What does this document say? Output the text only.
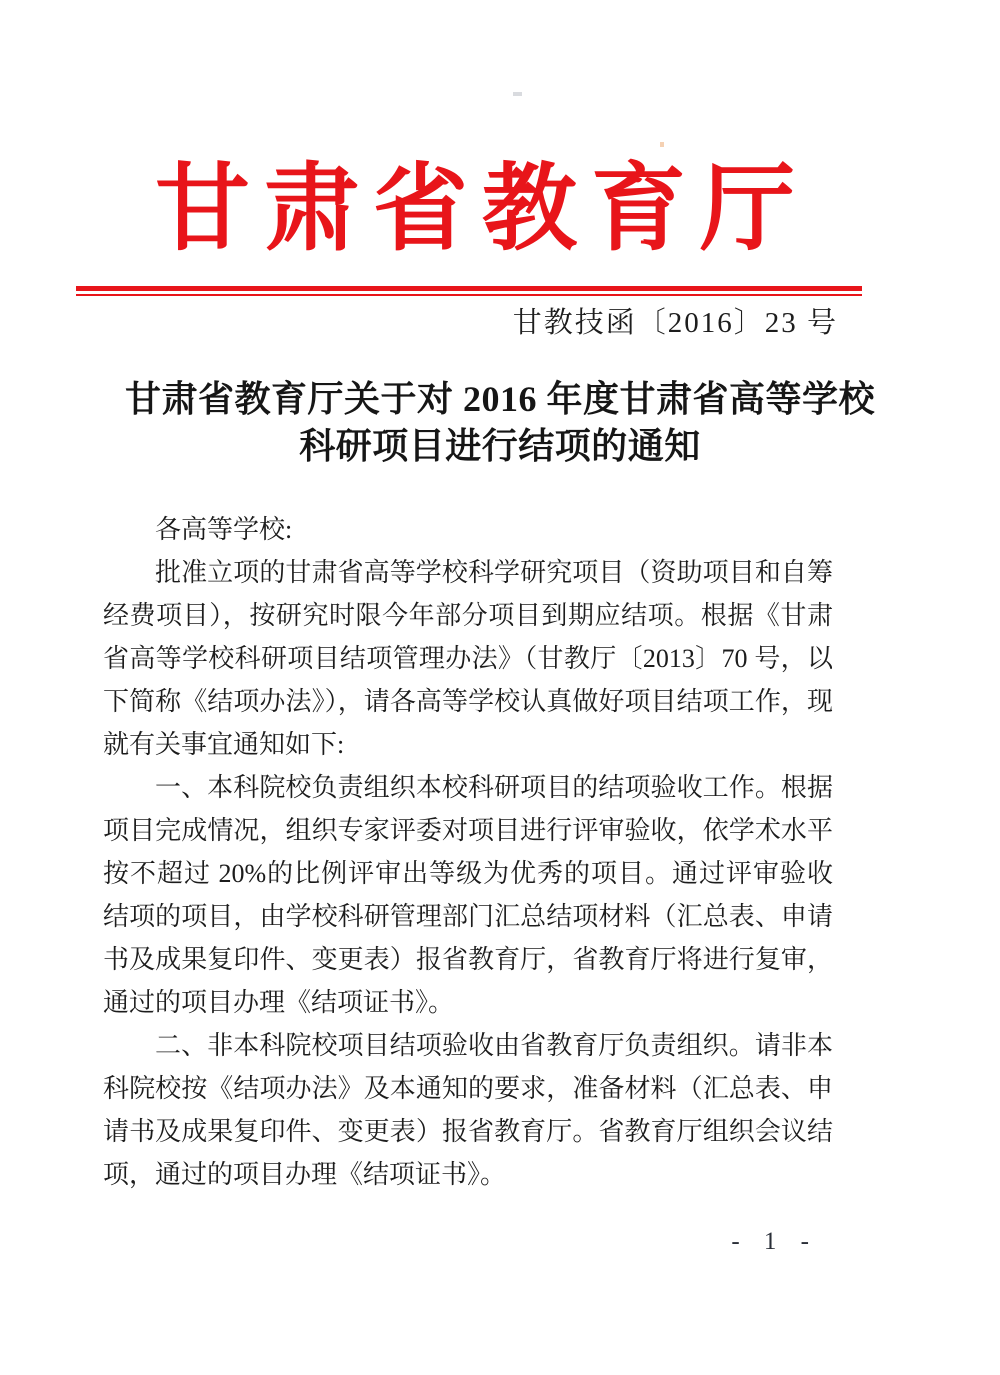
甘肃省教育厅
甘教技函〔2016〕23 号
甘肃省教育厅关于对 2016 年度甘肃省高等学校
科研项目进行结项的通知

各高等学校:

批准立项的甘肃省高等学校科学研究项目（资助项目和自筹经费项目），按研究时限今年部分项目到期应结项。根据《甘肃省高等学校科研项目结项管理办法》（甘教厅〔2013〕70 号，以下简称《结项办法》），请各高等学校认真做好项目结项工作，现就有关事宜通知如下:

一、本科院校负责组织本校科研项目的结项验收工作。根据项目完成情况，组织专家评委对项目进行评审验收，依学术水平按不超过 20%的比例评审出等级为优秀的项目。通过评审验收结项的项目，由学校科研管理部门汇总结项材料（汇总表、申请书及成果复印件、变更表）报省教育厅，省教育厅将进行复审，通过的项目办理《结项证书》。

二、非本科院校项目结项验收由省教育厅负责组织。请非本科院校按《结项办法》及本通知的要求，准备材料（汇总表、申请书及成果复印件、变更表）报省教育厅。省教育厅组织会议结项，通过的项目办理《结项证书》。

- 1 -
